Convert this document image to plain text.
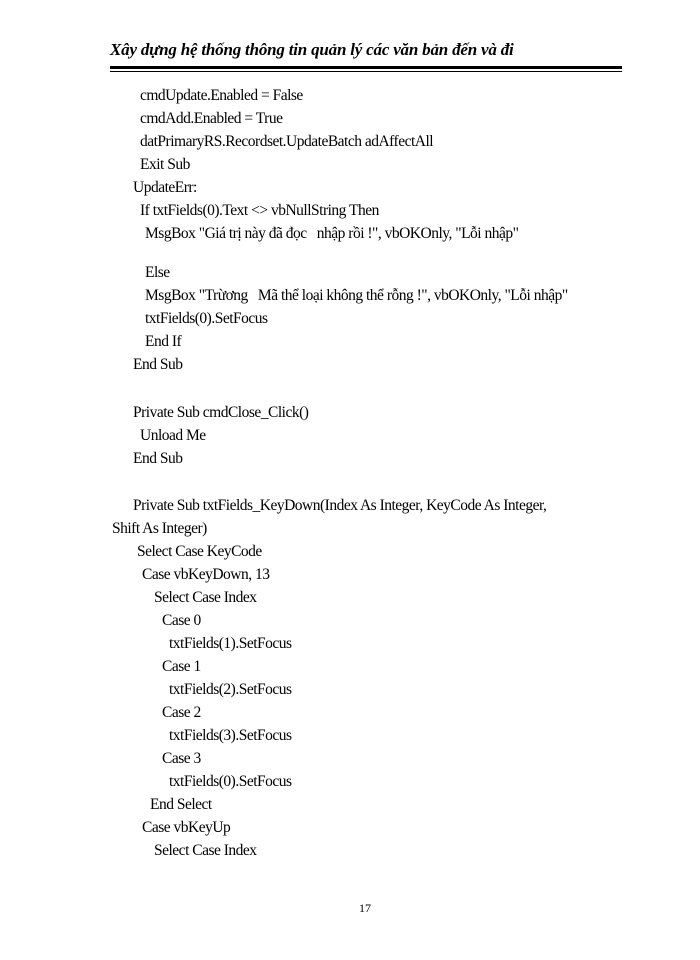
Xây dựng hệ thống thông tin quản lý các văn bản đến và đi
cmdUpdate.Enabled = False
cmdAdd.Enabled = True
datPrimaryRS.Recordset.UpdateBatch adAffectAll
Exit Sub
UpdateErr:
If txtFields(0).Text <> vbNullString Then
MsgBox "Giá trị này đã đọc   nhập rồi !", vbOKOnly, "Lỗi nhập"
Else
MsgBox "Trừơng   Mã thể loại không thể rỗng !", vbOKOnly, "Lỗi nhập"
txtFields(0).SetFocus
End If
End Sub
Private Sub cmdClose_Click()
Unload Me
End Sub
Private Sub txtFields_KeyDown(Index As Integer, KeyCode As Integer,
Shift As Integer)
Select Case KeyCode
Case vbKeyDown, 13
Select Case Index
Case 0
txtFields(1).SetFocus
Case 1
txtFields(2).SetFocus
Case 2
txtFields(3).SetFocus
Case 3
txtFields(0).SetFocus
End Select
Case vbKeyUp
Select Case Index
17
